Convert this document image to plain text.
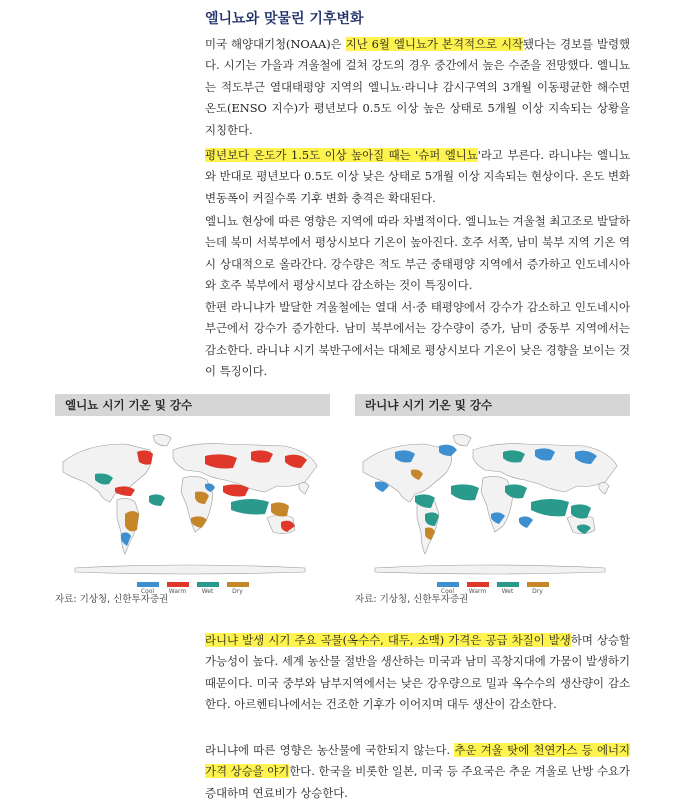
엘니뇨와 맞물린 기후변화

미국 해양대기청(NOAA)은 지난 6월 엘니뇨가 본격적으로 시작됐다는 경보를 발령했다. 시기는 가을과 겨울철에 걸쳐 강도의 경우 중간에서 높은 수준을 전망했다. 엘니뇨는 적도부근 열대태평양 지역의 엘니뇨·라니냐 감시구역의 3개월 이동평균한 해수면 온도(ENSO 지수)가 평년보다 0.5도 이상 높은 상태로 5개월 이상 지속되는 상황을 지칭한다.

평년보다 온도가 1.5도 이상 높아질 때는 '슈퍼 엘니뇨'라고 부른다. 라니냐는 엘니뇨와 반대로 평년보다 0.5도 이상 낮은 상태로 5개월 이상 지속되는 현상이다. 온도 변화 변동폭이 커질수록 기후 변화 충격은 확대된다.

엘니뇨 현상에 따른 영향은 지역에 따라 차별적이다. 엘니뇨는 겨울철 최고조로 발달하는데 북미 서북부에서 평상시보다 기온이 높아진다. 호주 서쪽, 남미 북부 지역 기온 역시 상대적으로 올라간다. 강수량은 적도 부근 중태평양 지역에서 증가하고 인도네시아와 호주 북부에서 평상시보다 감소하는 것이 특징이다.

한편 라니냐가 발달한 겨울철에는 열대 서·중 태평양에서 강수가 감소하고 인도네시아 부근에서 강수가 증가한다. 남미 북부에서는 강수량이 증가, 남미 중동부 지역에서는 감소한다. 라니냐 시기 북반구에서는 대체로 평상시보다 기온이 낮은 경향을 보이는 것이 특징이다.

엘니뇨 시기 기온 및 강수
Cool Warm	Wet	Dry
라니냐 시기 기온 및 강수
Cool Warm	Wet	Dry
자료: 기상청, 신한투자증권	자료: 기상청, 신한투자증권

라니냐 발생 시기 주요 곡물(옥수수, 대두, 소맥) 가격은 공급 차질이 발생하며 상승할 가능성이 높다. 세계 농산물 절반을 생산하는 미국과 남미 곡창지대에 가뭄이 발생하기 때문이다. 미국 중부와 남부지역에서는 낮은 강우량으로 밀과 옥수수의 생산량이 감소한다. 아르헨티나에서는 건조한 기후가 이어지며 대두 생산이 감소한다.

라니냐에 따른 영향은 농산물에 국한되지 않는다. 추운 겨울 탓에 천연가스 등 에너지 가격 상승을 야기한다. 한국을 비롯한 일본, 미국 등 주요국은 추운 겨울로 난방 수요가 증대하며 연료비가 상승한다.
